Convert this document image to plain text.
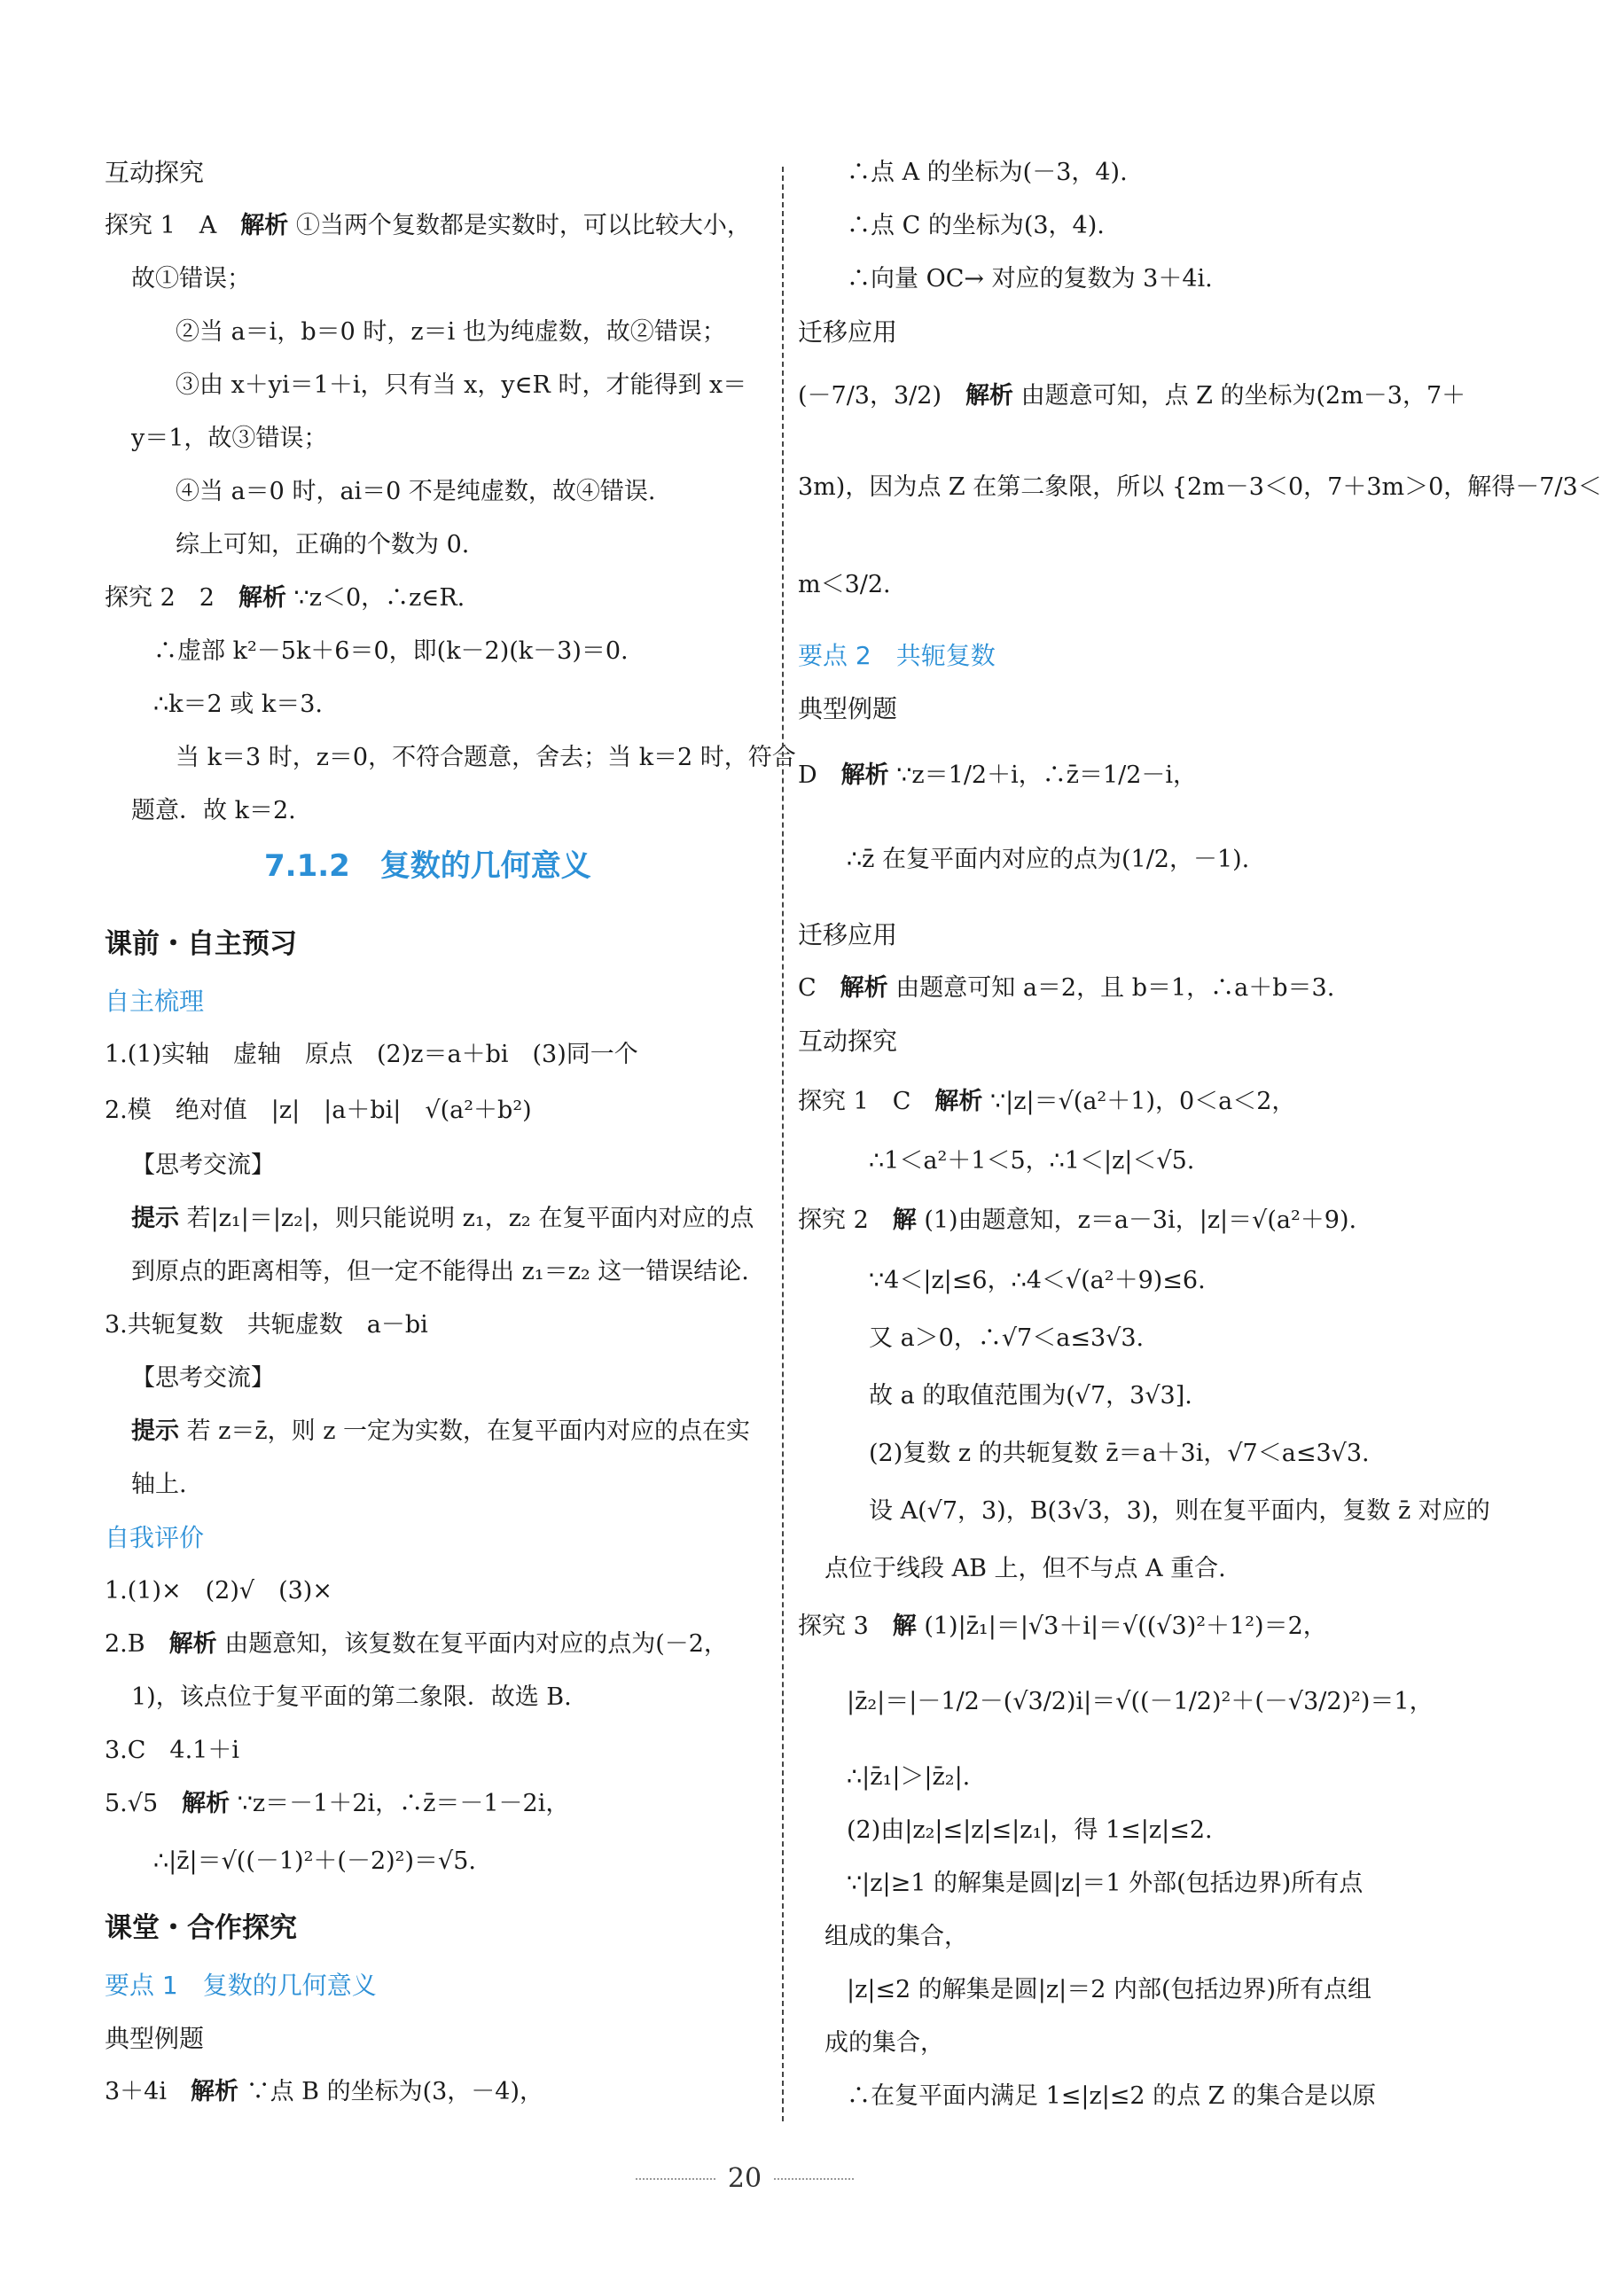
互动探究
探究 1　A　解析 ①当两个复数都是实数时，可以比较大小，
故①错误；
②当 a＝i，b＝0 时，z＝i 也为纯虚数，故②错误；
③由 x＋yi＝1＋i，只有当 x，y∈R 时，才能得到 x＝
y＝1，故③错误；
④当 a＝0 时，ai＝0 不是纯虚数，故④错误.
综上可知，正确的个数为 0.
探究 2　2　解析 ∵z＜0，∴z∈R.
∴虚部 k²－5k＋6＝0，即(k－2)(k－3)＝0.
∴k＝2 或 k＝3.
当 k＝3 时，z＝0，不符合题意，舍去；当 k＝2 时，符合
题意．故 k＝2.
7.1.2　复数的几何意义
课前・自主预习
自主梳理
1.(1)实轴　虚轴　原点　(2)z＝a＋bi　(3)同一个
2.模　绝对值　|z|　|a＋bi|　√(a²＋b²)
【思考交流】
提示 若|z₁|＝|z₂|，则只能说明 z₁，z₂ 在复平面内对应的点
到原点的距离相等，但一定不能得出 z₁＝z₂ 这一错误结论.
3.共轭复数　共轭虚数　a－bi
【思考交流】
提示 若 z＝z̄，则 z 一定为实数，在复平面内对应的点在实
轴上.
自我评价
1.(1)×　(2)√　(3)×
2.B　解析 由题意知，该复数在复平面内对应的点为(－2，
1)，该点位于复平面的第二象限．故选 B.
3.C　4.1＋i
5.√5　解析 ∵z＝－1＋2i，∴z̄＝－1－2i，
∴|z̄|＝√((－1)²＋(－2)²)＝√5.
课堂・合作探究
要点 1　复数的几何意义
典型例题
3＋4i　解析 ∵点 B 的坐标为(3，－4)，
∴点 A 的坐标为(－3，4).
∴点 C 的坐标为(3，4).
∴向量 OC→ 对应的复数为 3＋4i.
迁移应用
(－7/3，3/2)　解析 由题意可知，点 Z 的坐标为(2m－3，7＋
3m)，因为点 Z 在第二象限，所以 {2m－3＜0，7＋3m＞0，解得－7/3＜
m＜3/2.
要点 2　共轭复数
典型例题
D　解析 ∵z＝1/2＋i，∴z̄＝1/2－i，
∴z̄ 在复平面内对应的点为(1/2，－1).
迁移应用
C　解析 由题意可知 a＝2，且 b＝1，∴a＋b＝3.
互动探究
探究 1　C　解析 ∵|z|＝√(a²＋1)，0＜a＜2，
∴1＜a²＋1＜5，∴1＜|z|＜√5.
探究 2　解 (1)由题意知，z＝a－3i，|z|＝√(a²＋9).
∵4＜|z|≤6，∴4＜√(a²＋9)≤6.
又 a＞0，∴√7＜a≤3√3.
故 a 的取值范围为(√7，3√3].
(2)复数 z 的共轭复数 z̄＝a＋3i，√7＜a≤3√3.
设 A(√7，3)，B(3√3，3)，则在复平面内，复数 z̄ 对应的
点位于线段 AB 上，但不与点 A 重合.
探究 3　解 (1)|z̄₁|＝|√3＋i|＝√((√3)²＋1²)＝2，
|z̄₂|＝|－1/2－(√3/2)i|＝√((－1/2)²＋(－√3/2)²)＝1，
∴|z̄₁|＞|z̄₂|.
(2)由|z₂|≤|z|≤|z₁|，得 1≤|z|≤2.
∵|z|≥1 的解集是圆|z|＝1 外部(包括边界)所有点
组成的集合，
|z|≤2 的解集是圆|z|＝2 内部(包括边界)所有点组
成的集合，
∴在复平面内满足 1≤|z|≤2 的点 Z 的集合是以原
20
